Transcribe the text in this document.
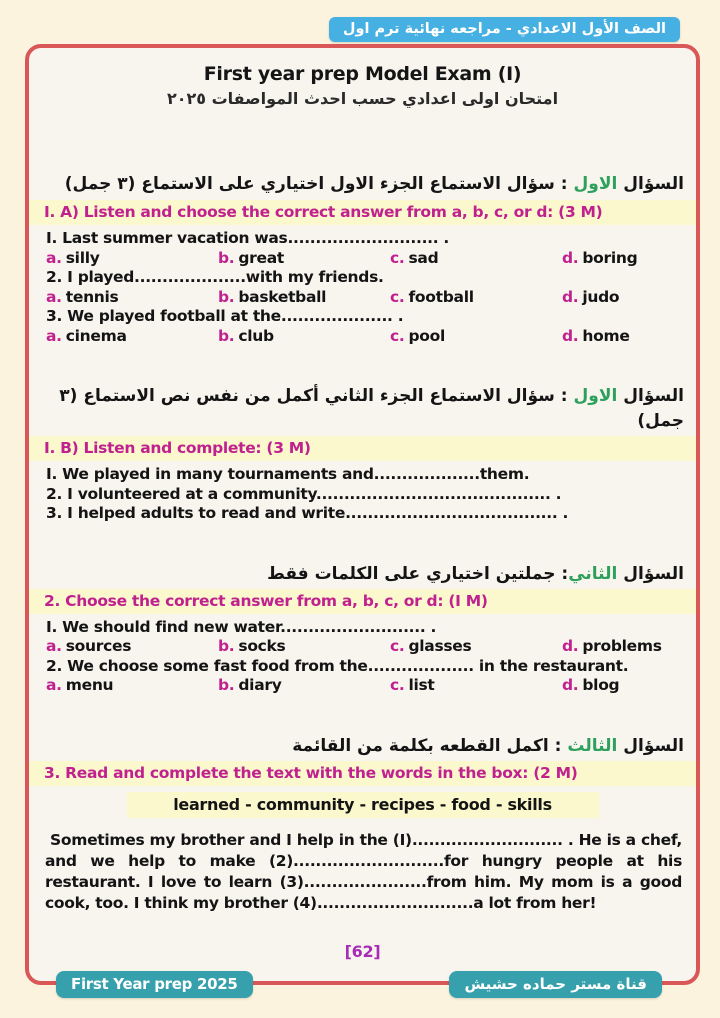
الصف الأول الاعدادي - مراجعه نهائية ترم اول
First year prep Model Exam (I)
امتحان اولى اعدادي حسب احدث المواصفات ٢٠٢٥
السؤال الاول : سؤال الاستماع الجزء الاول اختياري على الاستماع (٣ جمل)
I. A) Listen and choose the correct answer from a, b, c, or d: (3 M)
I. Last summer vacation was........................... .
a. silly	b. great	c. sad	d. boring
2. I played....................with my friends.
a. tennis	b. basketball	c. football	d. judo
3. We played football at the.................... .
a. cinema	b. club	c. pool	d. home
السؤال الاول : سؤال الاستماع الجزء الثاني أكمل من نفس نص الاستماع (٣ جمل)
I. B) Listen and complete: (3 M)
I. We played in many tournaments and...................them.
2. I volunteered at a community.......................................... .
3. I helped adults to read and write...................................... .
السؤال الثاني: جملتين اختياري على الكلمات فقط
2. Choose the correct answer from a, b, c, or d: (I M)
I. We should find new water.......................... .
a. sources	b. socks	c. glasses	d. problems
2. We choose some fast food from the................... in the restaurant.
a. menu	b. diary	c. list	d. blog
السؤال الثالث : اكمل القطعه بكلمة من القائمة
3. Read and complete the text with the words in the box: (2 M)
learned - community - recipes - food - skills
Sometimes my brother and I help in the (I)........................... . He is a chef, and we help to make (2)...........................for hungry people at his restaurant. I love to learn (3)......................from him. My mom is a good cook, too. I think my brother (4)............................a lot from her!
[62]
First Year prep 2025	قناة مستر حماده حشيش
